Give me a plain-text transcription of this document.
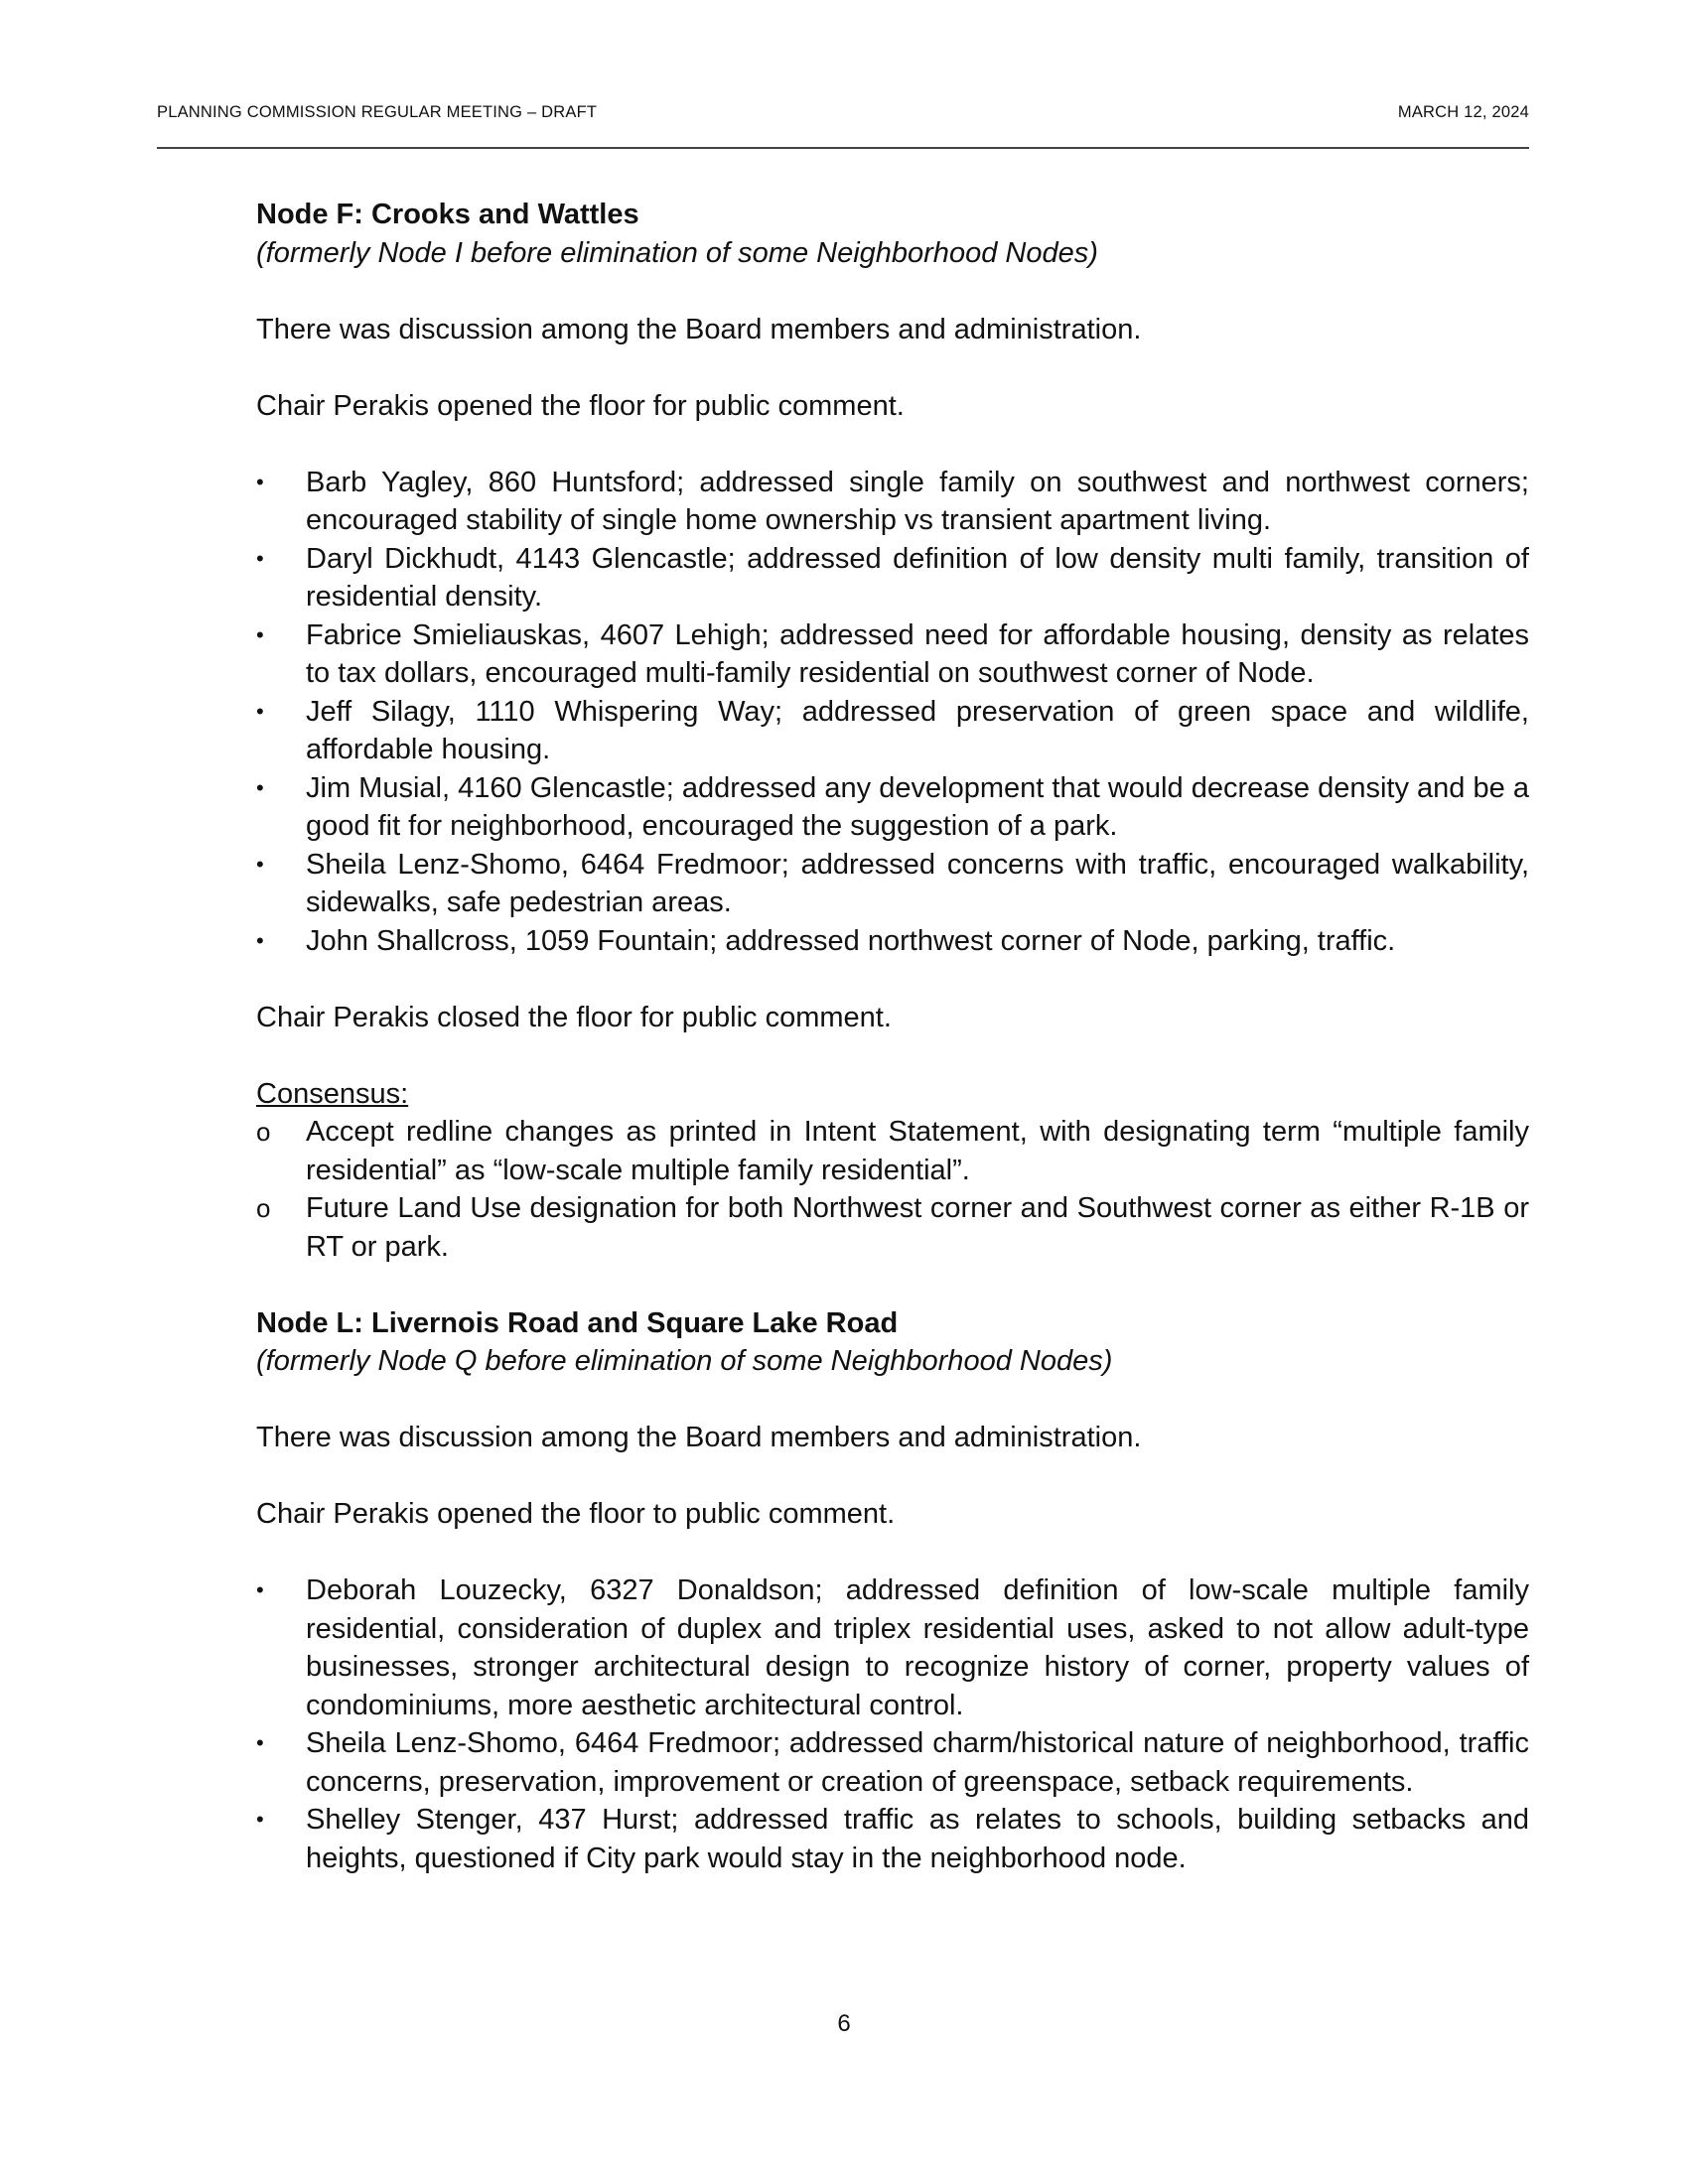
PLANNING COMMISSION REGULAR MEETING – DRAFT	MARCH 12, 2024

Node F: Crooks and Wattles

(formerly Node I before elimination of some Neighborhood Nodes)

There was discussion among the Board members and administration.

Chair Perakis opened the floor for public comment.

•	Barb Yagley, 860 Huntsford; addressed single family on southwest and northwest corners; encouraged stability of single home ownership vs transient apartment living.
•	Daryl Dickhudt, 4143 Glencastle; addressed definition of low density multi family, transition of residential density.
•	Fabrice Smieliauskas, 4607 Lehigh; addressed need for affordable housing, density as relates to tax dollars, encouraged multi-family residential on southwest corner of Node.
•	Jeff Silagy, 1110 Whispering Way; addressed preservation of green space and wildlife, affordable housing.
•	Jim Musial, 4160 Glencastle; addressed any development that would decrease density and be a good fit for neighborhood, encouraged the suggestion of a park.
•	Sheila Lenz-Shomo, 6464 Fredmoor; addressed concerns with traffic, encouraged walkability, sidewalks, safe pedestrian areas.
•	John Shallcross, 1059 Fountain; addressed northwest corner of Node, parking, traffic.

Chair Perakis closed the floor for public comment.

Consensus:

o Accept redline changes as printed in Intent Statement, with designating term “multiple family residential” as “low-scale multiple family residential”.
o Future Land Use designation for both Northwest corner and Southwest corner as either R-1B or RT or park.

Node L: Livernois Road and Square Lake Road

(formerly Node Q before elimination of some Neighborhood Nodes)

There was discussion among the Board members and administration.

Chair Perakis opened the floor to public comment.

•	Deborah Louzecky, 6327 Donaldson; addressed definition of low-scale multiple family residential, consideration of duplex and triplex residential uses, asked to not allow adult-type businesses, stronger architectural design to recognize history of corner, property values of condominiums, more aesthetic architectural control.
•	Sheila Lenz-Shomo, 6464 Fredmoor; addressed charm/historical nature of neighborhood, traffic concerns, preservation, improvement or creation of greenspace, setback requirements.
•	Shelley Stenger, 437 Hurst; addressed traffic as relates to schools, building setbacks and heights, questioned if City park would stay in the neighborhood node.
6
